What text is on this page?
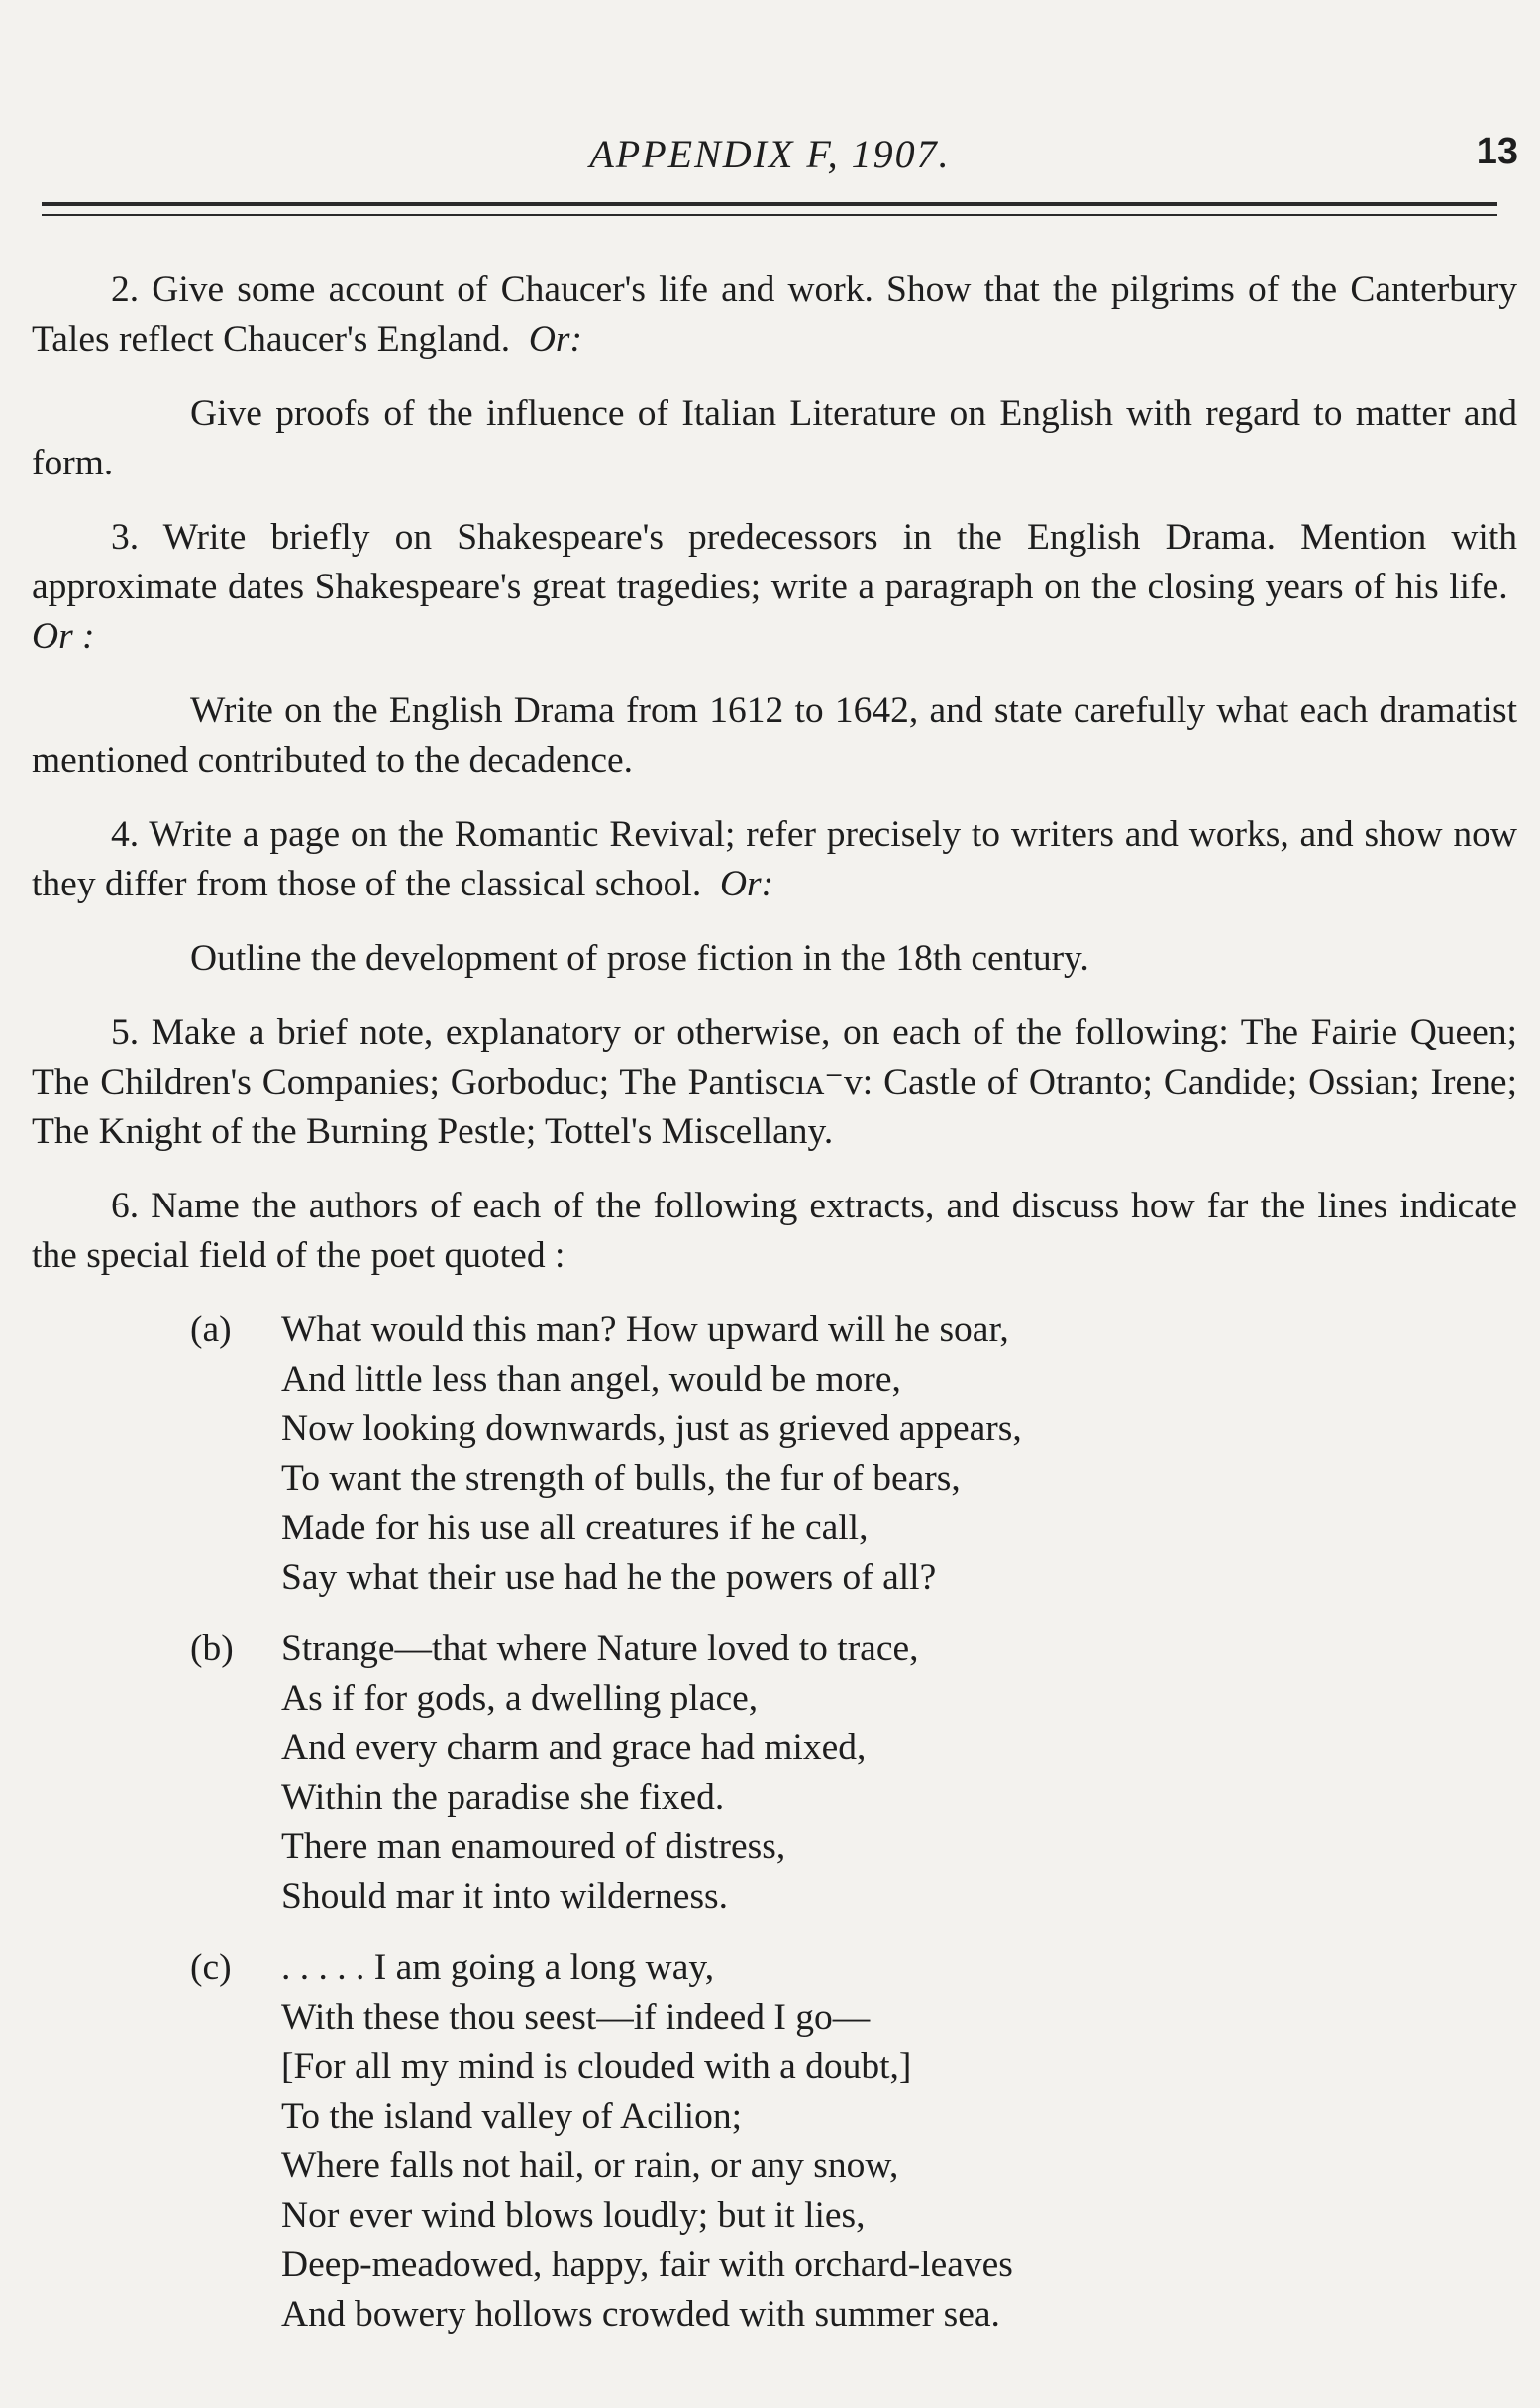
APPENDIX F, 1907.	13

2. Give some account of Chaucer's life and work. Show that the pilgrims of the Canterbury Tales reflect Chaucer's England. Or:

Give proofs of the influence of Italian Literature on English with regard to matter and form.

3. Write briefly on Shakespeare's predecessors in the English Drama. Mention with approximate dates Shakespeare's great tragedies; write a paragraph on the closing years of his life.  Or :

Write on the English Drama from 1612 to 1642, and state carefully what each dramatist mentioned contributed to the decadence.

4. Write a page on the Romantic Revival; refer precisely to writers and works, and show now they differ from those of the classical school. Or:

Outline the development of prose fiction in the 18th century.

5. Make a brief note, explanatory or otherwise, on each of the following: The Fairie Queen; The Children's Companies; Gorboduc; The Pantiscıᴀ⁻v: Castle of Otranto; Candide; Ossian; Irene; The Knight of the Burning Pestle; Tottel's Miscellany.

6. Name the authors of each of the following extracts, and discuss how far the lines indicate the special field of the poet quoted :

(a) What would this man? How upward will he soar,
And little less than angel, would be more,
Now looking downwards, just as grieved appears,
To want the strength of bulls, the fur of bears,
Made for his use all creatures if he call,
Say what their use had he the powers of all?
(b) Strange—that where Nature loved to trace,
As if for gods, a dwelling place,
And every charm and grace had mixed,
Within the paradise she fixed.
There man enamoured of distress,
Should mar it into wilderness.
(c) . . . . . I am going a long way,
With these thou seest—if indeed I go—
[For all my mind is clouded with a doubt,]
To the island valley of Acilion;
Where falls not hail, or rain, or any snow,
Nor ever wind blows loudly; but it lies,
Deep-meadowed, happy, fair with orchard-leaves
And bowery hollows crowded with summer sea.
